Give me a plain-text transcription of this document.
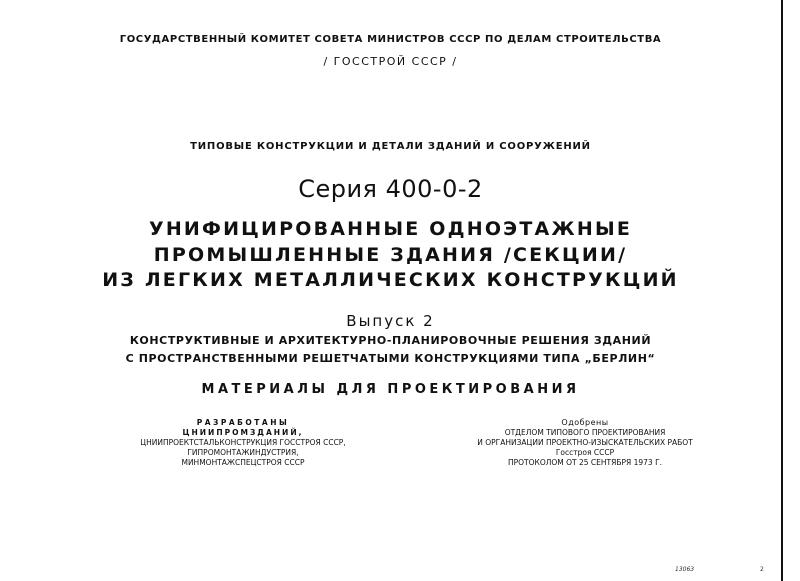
ГОСУДАРСТВЕННЫЙ КОМИТЕТ СОВЕТА МИНИСТРОВ СССР ПО ДЕЛАМ СТРОИТЕЛЬСТВА
/ ГОССТРОЙ СССР /
ТИПОВЫЕ КОНСТРУКЦИИ И ДЕТАЛИ ЗДАНИЙ И СООРУЖЕНИЙ
Серия 400-0-2
УНИФИЦИРОВАННЫЕ ОДНОЭТАЖНЫЕ
ПРОМЫШЛЕННЫЕ ЗДАНИЯ /СЕКЦИИ/
ИЗ ЛЕГКИХ МЕТАЛЛИЧЕСКИХ КОНСТРУКЦИЙ
Выпуск 2
КОНСТРУКТИВНЫЕ И АРХИТЕКТУРНО-ПЛАНИРОВОЧНЫЕ РЕШЕНИЯ ЗДАНИЙ
С ПРОСТРАНСТВЕННЫМИ РЕШЕТЧАТЫМИ КОНСТРУКЦИЯМИ ТИПА „БЕРЛИН“
МАТЕРИАЛЫ ДЛЯ ПРОЕКТИРОВАНИЯ
РАЗРАБОТАНЫ
ЦНИИПРОМЗДАНИЙ,
ЦНИИПРОЕКТСТАЛЬКОНСТРУКЦИЯ ГОССТРОЯ СССР,
ГИПРОМОНТАЖИНДУСТРИЯ,
МИНМОНТАЖСПЕЦСТРОЯ СССР
Одобрены
ОТДЕЛОМ ТИПОВОГО ПРОЕКТИРОВАНИЯ
И ОРГАНИЗАЦИИ ПРОЕКТНО-ИЗЫСКАТЕЛЬСКИХ РАБОТ
Госстроя СССР
ПРОТОКОЛОМ ОТ 25 СЕНТЯБРЯ 1973 Г.
13063	2
